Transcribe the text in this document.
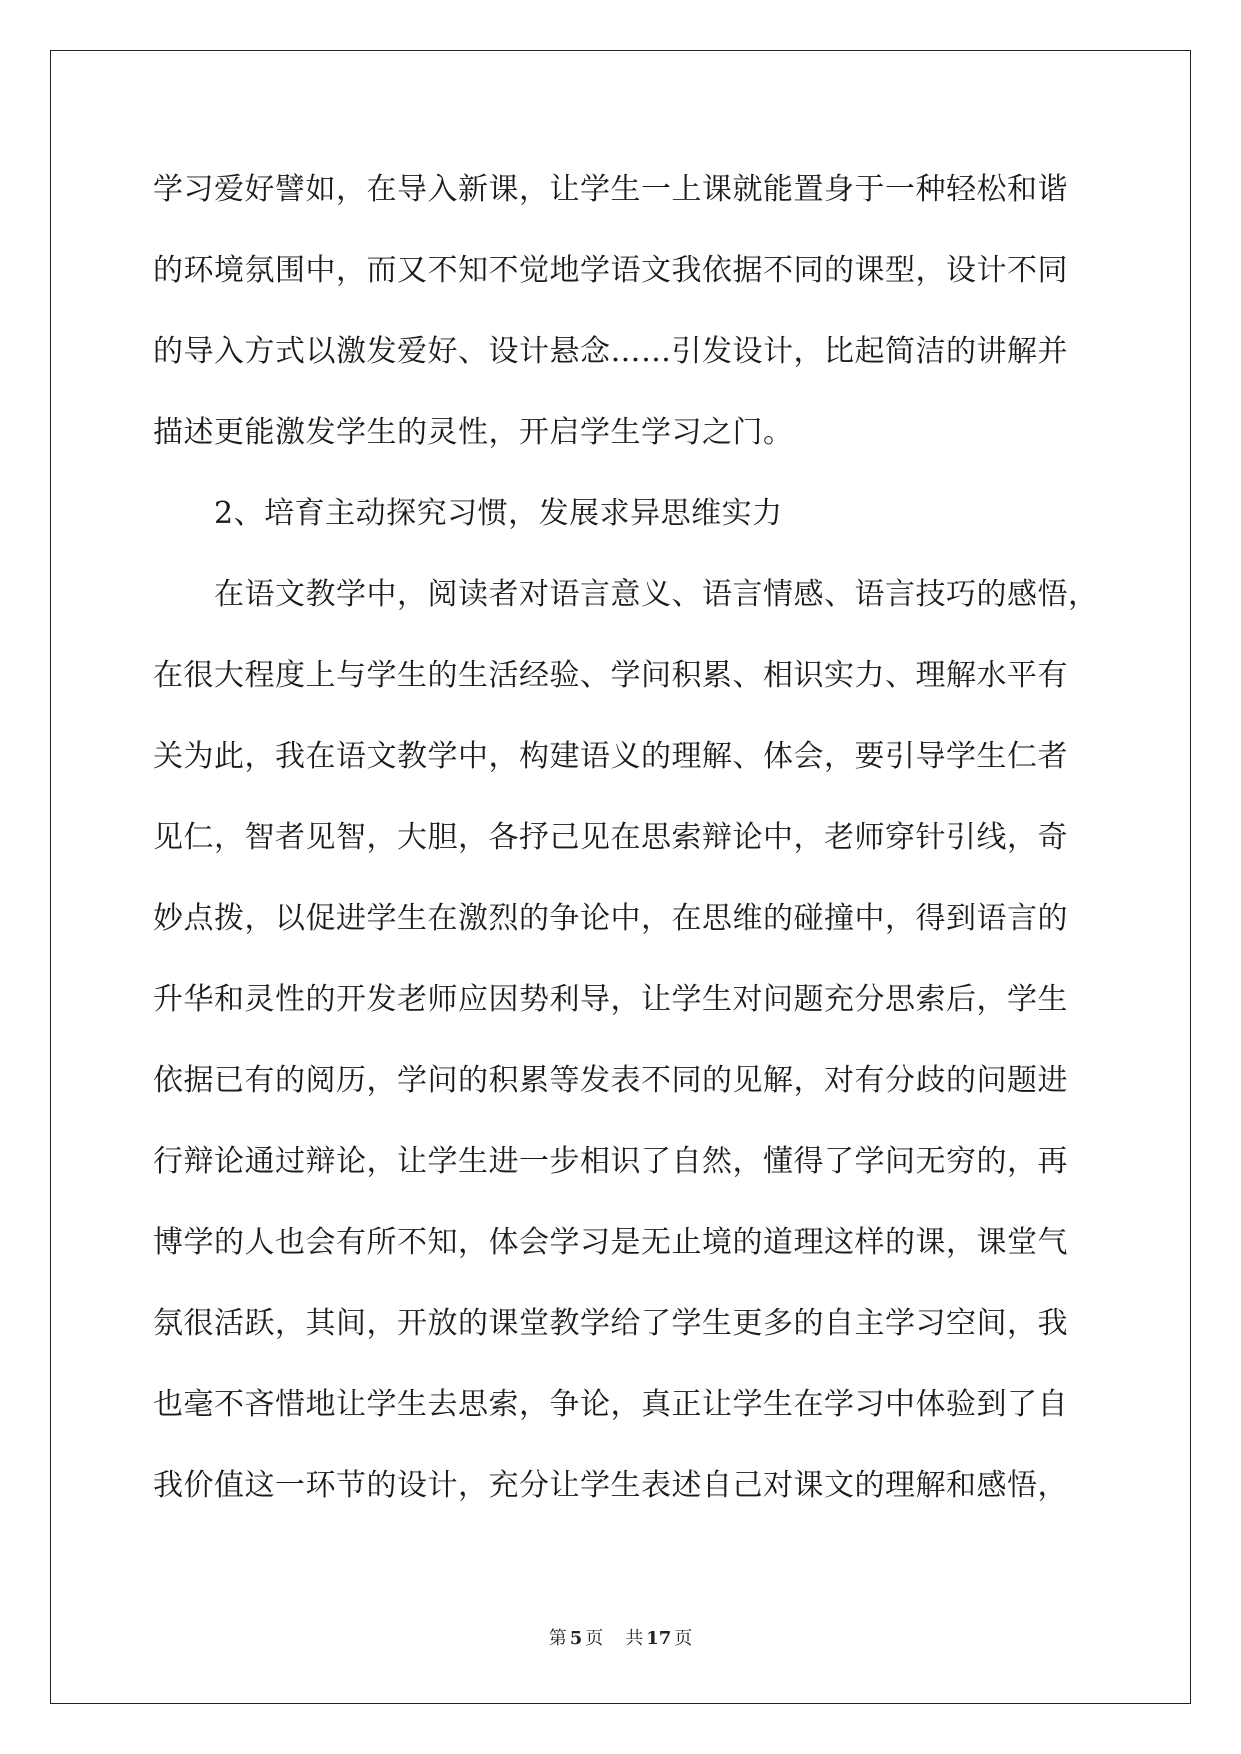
学习爱好譬如，在导入新课，让学生一上课就能置身于一种轻松和谐
的环境氛围中，而又不知不觉地学语文我依据不同的课型，设计不同
的导入方式以激发爱好、设计悬念……引发设计，比起简洁的讲解并
描述更能激发学生的灵性，开启学生学习之门。
2、培育主动探究习惯，发展求异思维实力
在语文教学中，阅读者对语言意义、语言情感、语言技巧的感悟，
在很大程度上与学生的生活经验、学问积累、相识实力、理解水平有
关为此，我在语文教学中，构建语义的理解、体会，要引导学生仁者
见仁，智者见智，大胆，各抒己见在思索辩论中，老师穿针引线，奇
妙点拨，以促进学生在激烈的争论中，在思维的碰撞中，得到语言的
升华和灵性的开发老师应因势利导，让学生对问题充分思索后，学生
依据已有的阅历，学问的积累等发表不同的见解，对有分歧的问题进
行辩论通过辩论，让学生进一步相识了自然，懂得了学问无穷的，再
博学的人也会有所不知，体会学习是无止境的道理这样的课，课堂气
氛很活跃，其间，开放的课堂教学给了学生更多的自主学习空间，我
也毫不吝惜地让学生去思索，争论，真正让学生在学习中体验到了自
我价值这一环节的设计，充分让学生表述自己对课文的理解和感悟，
第 5 页 共 17 页
